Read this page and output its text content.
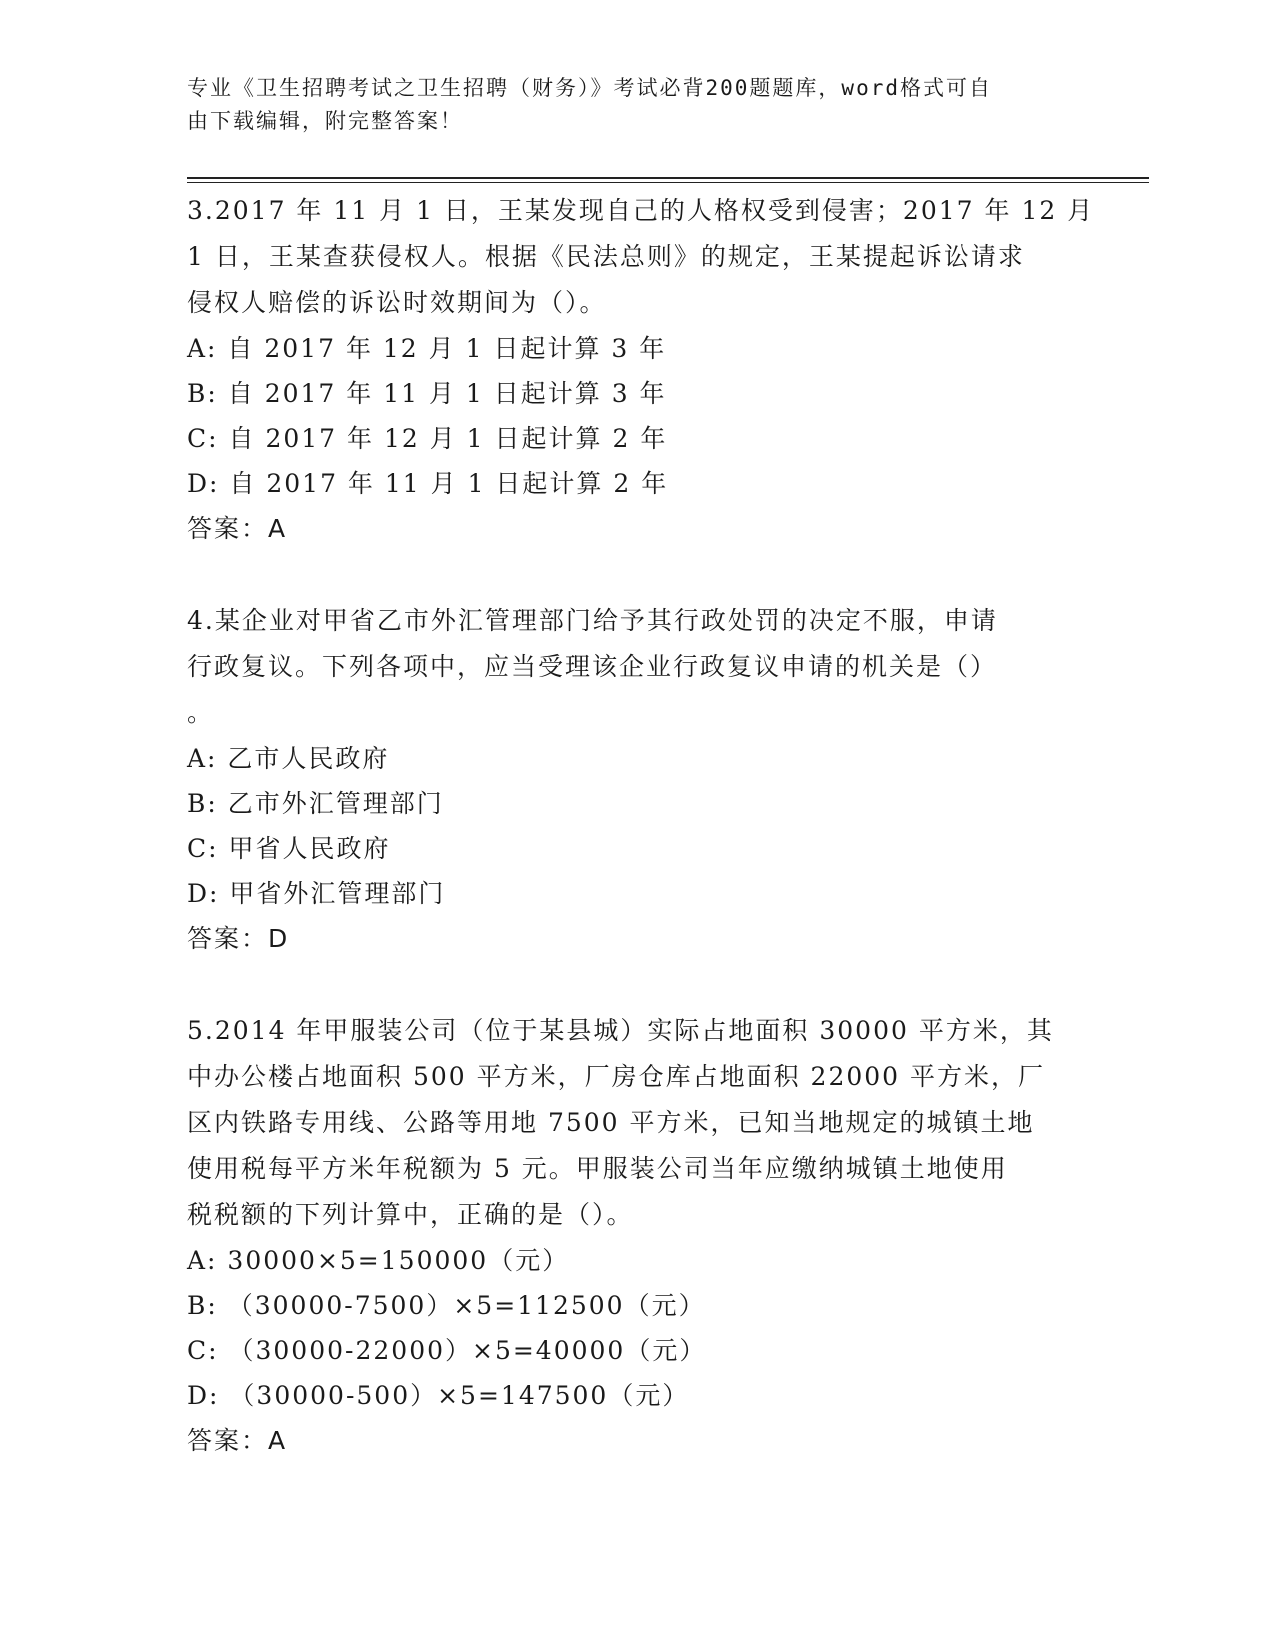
专业《卫生招聘考试之卫生招聘（财务）》考试必背200题题库，word格式可自
由下载编辑，附完整答案！
3.2017 年 11 月 1 日，王某发现自己的人格权受到侵害；2017 年 12 月
1 日，王某查获侵权人。根据《民法总则》的规定，王某提起诉讼请求
侵权人赔偿的诉讼时效期间为（）。
A: 自 2017 年 12 月 1 日起计算 3 年
B: 自 2017 年 11 月 1 日起计算 3 年
C: 自 2017 年 12 月 1 日起计算 2 年
D: 自 2017 年 11 月 1 日起计算 2 年
答案：A
4.某企业对甲省乙市外汇管理部门给予其行政处罚的决定不服，申请
行政复议。下列各项中，应当受理该企业行政复议申请的机关是（）
。
A: 乙市人民政府
B: 乙市外汇管理部门
C: 甲省人民政府
D: 甲省外汇管理部门
答案：D
5.2014 年甲服装公司（位于某县城）实际占地面积 30000 平方米，其
中办公楼占地面积 500 平方米，厂房仓库占地面积 22000 平方米，厂
区内铁路专用线、公路等用地 7500 平方米，已知当地规定的城镇土地
使用税每平方米年税额为 5 元。甲服装公司当年应缴纳城镇土地使用
税税额的下列计算中，正确的是（）。
A: 30000×5=150000（元）
B: （30000-7500）×5=112500（元）
C: （30000-22000）×5=40000（元）
D: （30000-500）×5=147500（元）
答案：A
